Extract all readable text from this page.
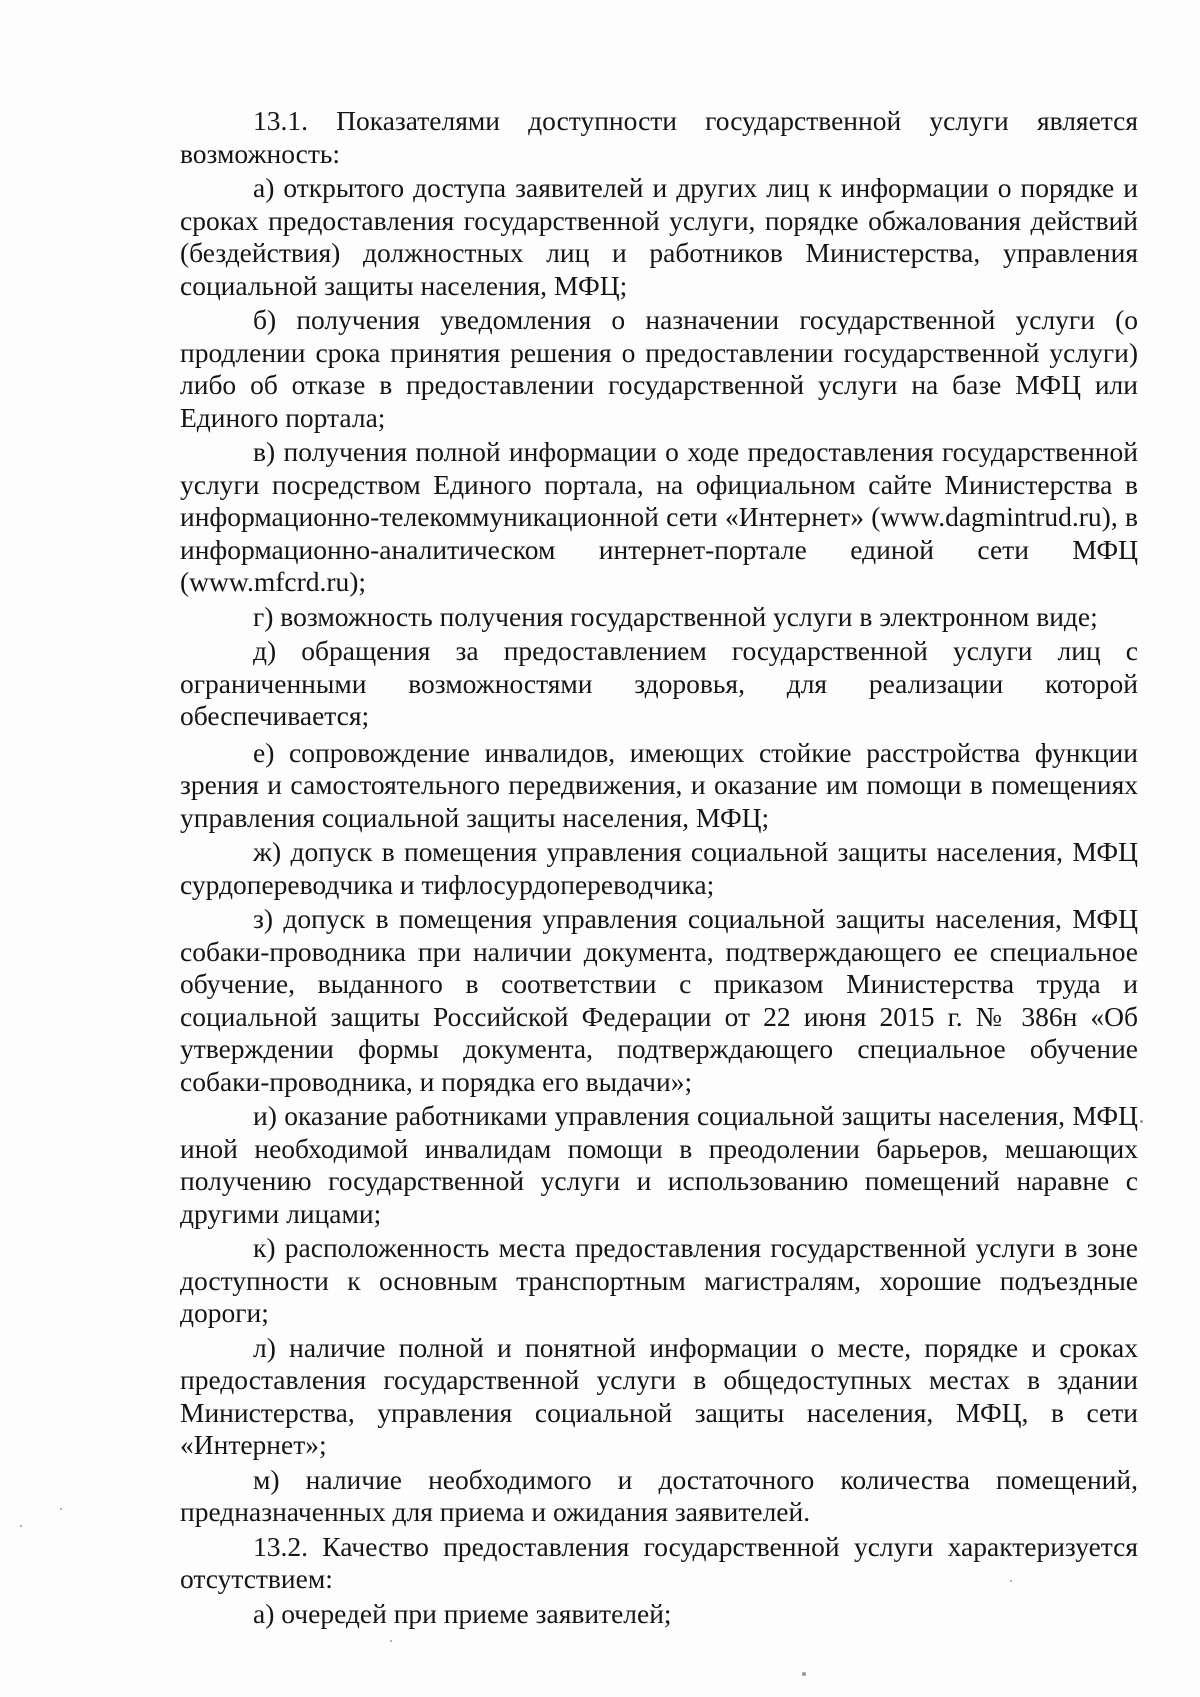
13.1. Показателями доступности государственной услуги является возможность:

а) открытого доступа заявителей и других лиц к информации о порядке и сроках предоставления государственной услуги, порядке обжалования действий (бездействия) должностных лиц и работников Министерства, управления социальной защиты населения, МФЦ;

б) получения уведомления о назначении государственной услуги (о продлении срока принятия решения о предоставлении государственной услуги) либо об отказе в предоставлении государственной услуги на базе МФЦ или Единого портала;

в) получения полной информации о ходе предоставления государственной услуги посредством Единого портала, на официальном сайте Министерства в информационно-телекоммуникационной сети «Интернет» (www.dagmintrud.ru), в информационно-аналитическом интернет-портале единой сети МФЦ (www.mfcrd.ru);

г) возможность получения государственной услуги в электронном виде;

д) обращения за предоставлением государственной услуги лиц с ограниченными возможностями здоровья, для реализации которой обеспечивается;

е) сопровождение инвалидов, имеющих стойкие расстройства функции зрения и самостоятельного передвижения, и оказание им помощи в помещениях управления социальной защиты населения, МФЦ;

ж) допуск в помещения управления социальной защиты населения, МФЦ сурдопереводчика и тифлосурдопереводчика;

з) допуск в помещения управления социальной защиты населения, МФЦ собаки-проводника при наличии документа, подтверждающего ее специальное обучение, выданного в соответствии с приказом Министерства труда и социальной защиты Российской Федерации от 22 июня 2015 г. № 386н «Об утверждении формы документа, подтверждающего специальное обучение собаки-проводника, и порядка его выдачи»;

и) оказание работниками управления социальной защиты населения, МФЦ иной необходимой инвалидам помощи в преодолении барьеров, мешающих получению государственной услуги и использованию помещений наравне с другими лицами;

к) расположенность места предоставления государственной услуги в зоне доступности к основным транспортным магистралям, хорошие подъездные дороги;

л) наличие полной и понятной информации о месте, порядке и сроках предоставления государственной услуги в общедоступных местах в здании Министерства, управления социальной защиты населения, МФЦ, в сети «Интернет»;

м) наличие необходимого и достаточного количества помещений, предназначенных для приема и ожидания заявителей.

13.2. Качество предоставления государственной услуги характеризуется отсутствием:

а) очередей при приеме заявителей;
